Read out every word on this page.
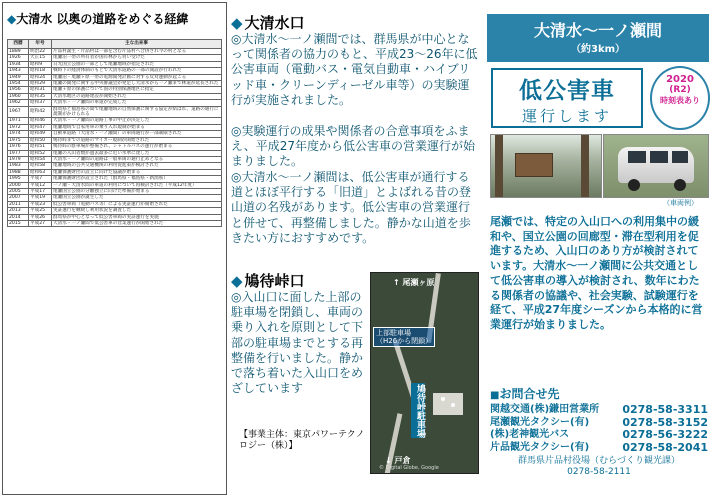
◆大清水 以奥の道路をめぐる経緯
西暦	年号	主な出来事
1889	明治22	片品村誕生・片品村は一部を含む片品村へ合併され今の村となる
1926	大正15	尾瀬沼一帯の所有者が国有林から買い受けた
1934	昭和9	日光国立公園の一部として尾瀬地域が指定された
1943	昭和18	戦時下の経済体制のもとで大清水道路の一部の開設が行われた
1949	昭和24	尾瀬沼・尾瀬ヶ原一帯の電源開発計画に対する反対運動が起こる
1954	昭和29	尾瀬の開発に関する中央審議会が発足し大清水から一ノ瀬まで林道が延長された
1956	昭和31	尾瀬ヶ原の保護について国の特別保護地区に指定
1960	昭和35	大清水地区の道路建設が開始された
1962	昭和37	大清水・一ノ瀬間の車道が完成した
1967	昭和42	群馬県と福島県の間で尾瀬地域の自然保護に関する協定が結ばれ、道路の通行に規制がかけられる
1971	昭和46	大清水・一ノ瀬間の道路工事の中止が決定した
1972	昭和47	尾瀬地域で自家用車の乗り入れ規制が始まる
1974	昭和49	自動車道路（大清水・一ノ瀬間）の車両通行が一部制限された
1975	昭和50	鳩待峠までの道路のマイカー規制が開始された
1976	昭和51	鳩待峠の駐車場が整備され、シャトルバスの運行が始まる
1977	昭和52	尾瀬の入山者数が過去最多に近い水準に達した
1979	昭和54	大清水・一ノ瀬間の道路は一般車両の通行止めとなる
1983	昭和58	尾瀬地域の公共交通機関の利用促進策が検討された
1988	昭和63	尾瀬保護財団の設立に向けた協議が始まる
1995	平成7	尾瀬保護財団が設立された（群馬県・福島県・新潟県）
2000	平成12	一ノ瀬・大清水間の車道の利用について再検討された（平成12年度）
2005	平成17	尾瀬国立公園の分離独立に向けた準備が始まる
2007	平成19	尾瀬国立公園が誕生した
2011	平成23	低公害車両（電動バス等）による実証運行が開始された
2013	平成25	実証運行を継続し利用状況を調査した
2014	平成26	群馬県が中心となって低公害車両の実証運行を実施
2015	平成27	大清水・一ノ瀬間で低公害車の営業運行が開始された
◆ 大清水口

◎大清水～一ノ瀬間では、群馬県が中心となって関係者の協力のもと、平成23～26年に低公害車両（電動バス・電気自動車・ハイブリッド車・クリーンディーゼル車等）の実験運行が実施されました。

◎実験運行の成果や関係者の合意事項をふまえ、平成27年度から低公害車の営業運行が始まりました。

◎大清水～一ノ瀬間は、低公害車が通行する道とほぼ平行する「旧道」とよばれる昔の登山道の名残があります。低公害車の営業運行と併せて、再整備しました。静かな山道を歩きたい方におすすめです。

◆ 鳩待峠口

◎入山口に面した上部の駐車場を閉鎖し、車両の乗り入れを原則として下部の駐車場までとする再整備を行いました。静かで落ち着いた入山口をめざしています

【事業主体：東京パワーテクノロジー（株）】
↑ 尾瀬ヶ原
上部駐車場
（H26から閉鎖）
鳩待峠駐車場
↓ 戸倉
© Digital Globe, Google
大清水～一ノ瀬間
（約3km）
低公害車
運行します
2020
(R2)
時刻表あり
（車両例）

尾瀬では、特定の入山口への利用集中の緩和や、国立公園の回廊型・滞在型利用を促進するため、入山口のあり方が検討されています。大清水～一ノ瀬間に公共交通として低公害車の導入が検討され、数年にわたる関係者の協議や、社会実験、試験運行を経て、平成27年度シーズンから本格的に営業運行が始まりました。

■お問合せ先
関越交通(株)鎌田営業所 0278-58-3311
尾瀬観光タクシー(有)	0278-58-3152
(株)老神観光バス	0278-56-3222
片品観光タクシー(有)	0278-58-2041
群馬県片品村役場（むらづくり観光課）
0278-58-2111
